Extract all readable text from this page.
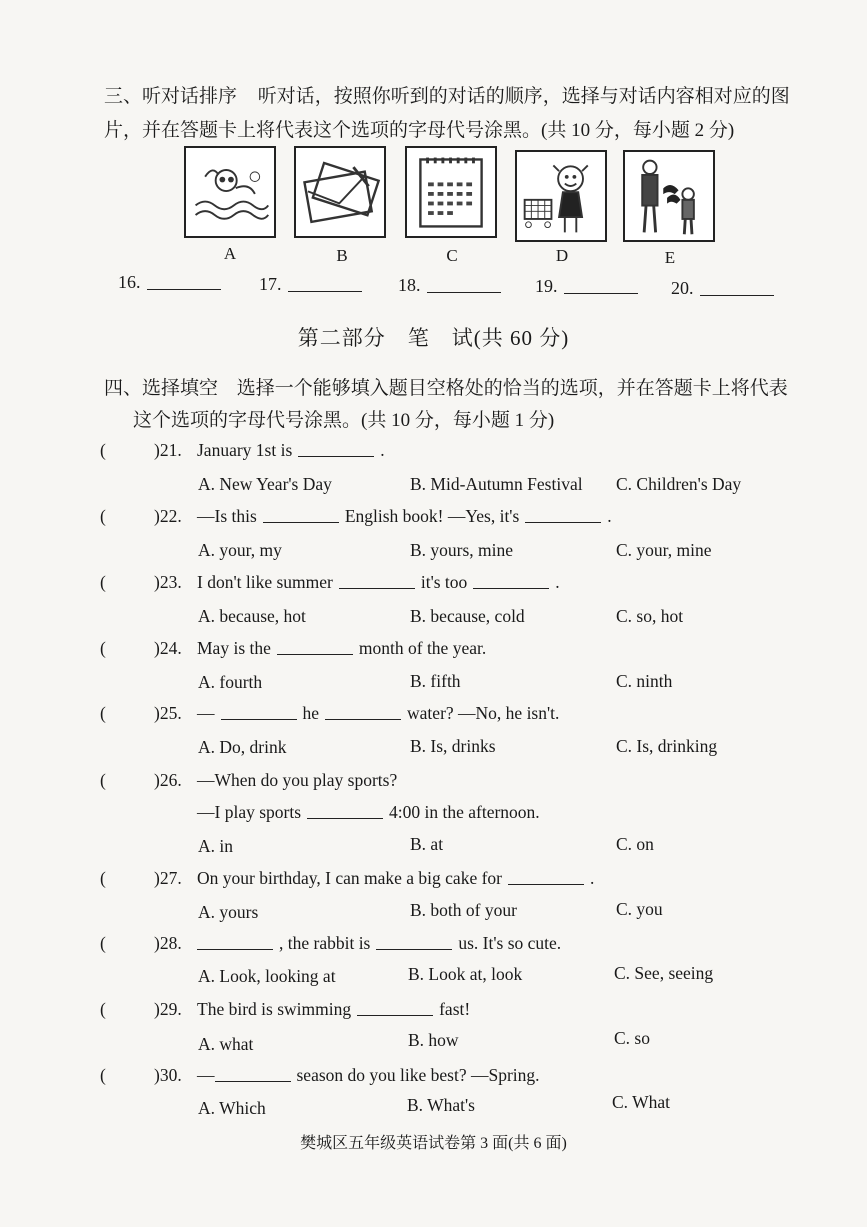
三、听对话排序 听对话，按照你听到的对话的顺序，选择与对话内容相对应的图
片，并在答题卡上将代表这个选项的字母代号涂黑。(共 10 分，每小题 2 分)
A	B	C	D	E
16.	17.	18.	19.	20.
第二部分　笔　试(共 60 分)
四、选择填空 选择一个能够填入题目空格处的恰当的选项，并在答题卡上将代表
这个选项的字母代号涂黑。(共 10 分，每小题 1 分)
(	)21. January 1st is	.
A. New Year's Day	B. Mid-Autumn Festival C. Children's Day
(	)22. —Is this	English book! —Yes, it's	.
A. your, my	B. yours, mine	C. your, mine
(	)23. I don't like summer	it's too	.
A. because, hot	B. because, cold	C. so, hot
(	)24. May is the	month of the year.
A. fourth	B. fifth	C. ninth
(	)25. —	he	water? —No, he isn't.
A. Do, drink	B. Is, drinks	C. Is, drinking
(	)26. —When do you play sports?
—I play sports	4:00 in the afternoon.
A. in	B. at	C. on
(	)27. On your birthday, I can make a big cake for	.
A. yours	B. both of your	C. you
(	)28.	, the rabbit is	us. It's so cute.
A. Look, looking at	B. Look at, look	C. See, seeing
(	)29. The bird is swimming	fast!
A. what	B. how	C. so
(	)30. —	season do you like best? —Spring.
A. Which	B. What's	C. What
樊城区五年级英语试卷第 3 面(共 6 面)
